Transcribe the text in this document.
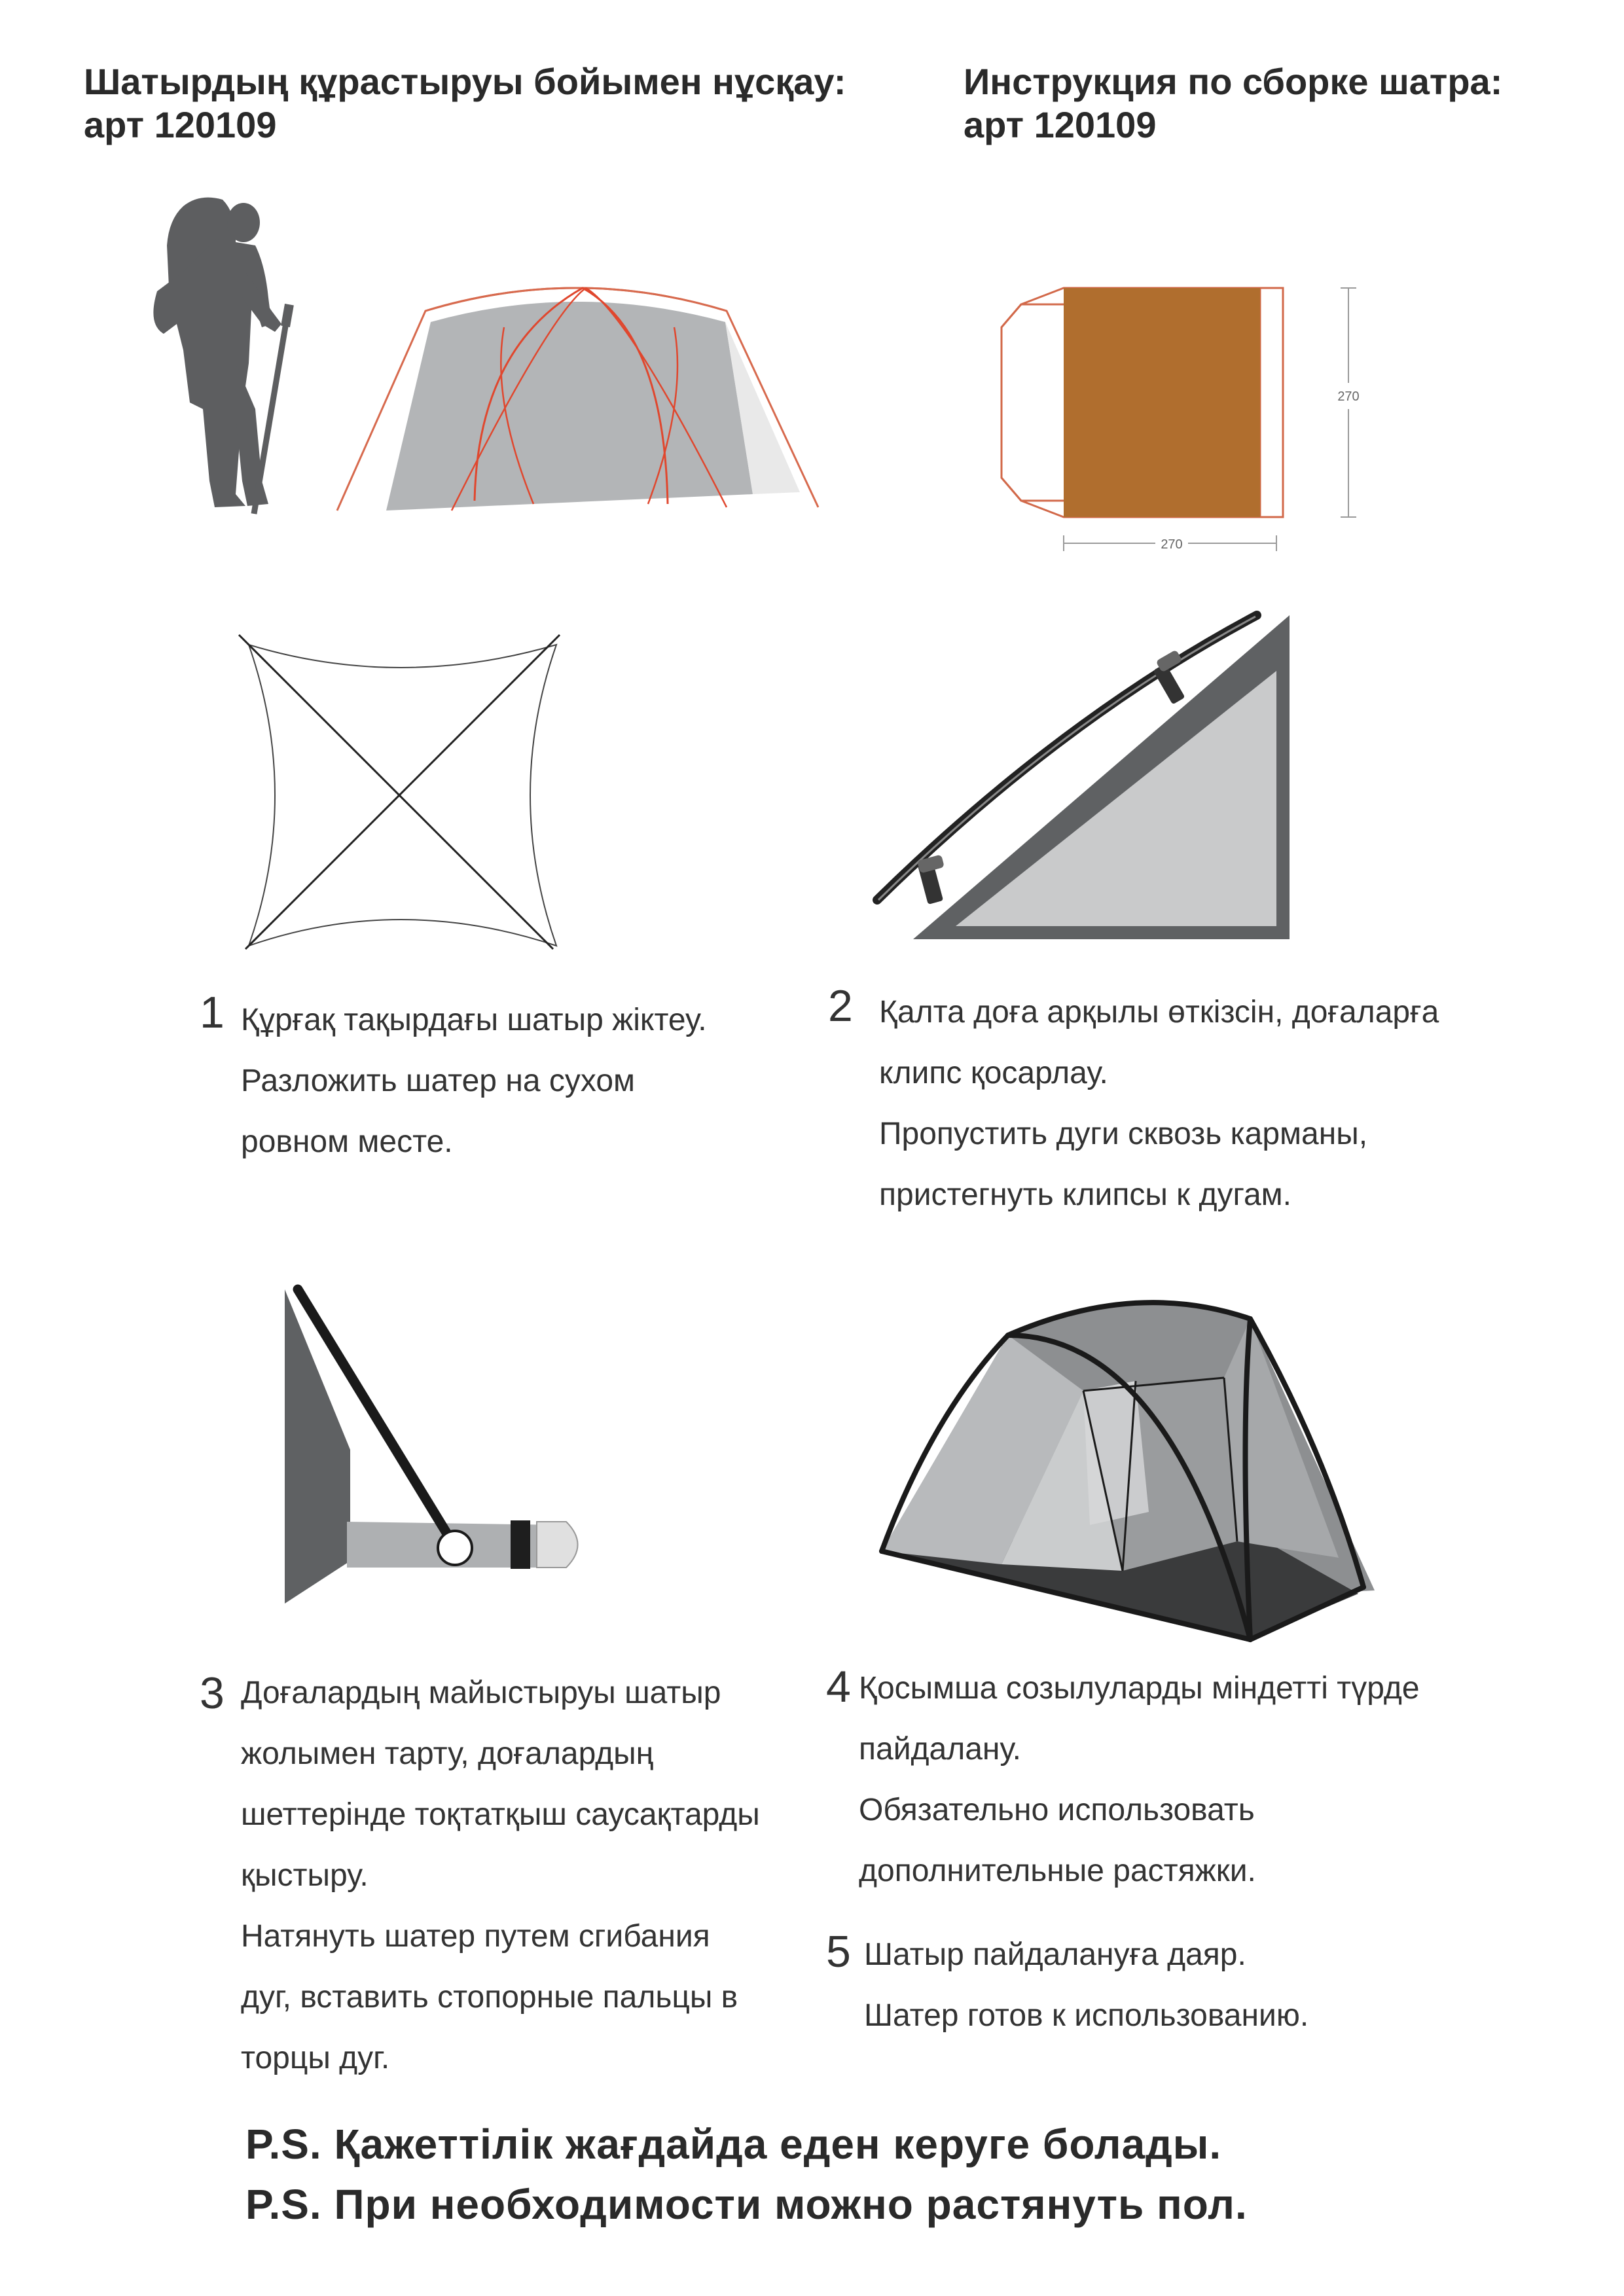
Шатырдың құрастыруы бойымен нұсқау:
арт 120109
Инструкция по сборке шатра:
арт 120109
270
270
1 Құрғақ тақырдағы шатыр жіктеу.

Разложить шатер на сухом

ровном месте.

2 Қалта доға арқылы өткізсін, доғаларға

клипс қосарлау.

Пропустить дуги сквозь карманы,

пристегнуть клипсы к дугам.

3 Доғалардың майыстыруы шатыр

жолымен тарту, доғалардың

шеттерінде тоқтатқыш саусақтарды

қыстыру.

Натянуть шатер путем сгибания

дуг, вставить стопорные пальцы в

торцы дуг.

4 Қосымша созылуларды міндетті түрде

пайдалану.

Обязательно использовать

дополнительные растяжки.

5 Шатыр пайдалануға даяр.

Шатер готов к использованию.

P.S. Қажеттілік жағдайда еден керуге болады.
P.S. При необходимости можно растянуть пол.
